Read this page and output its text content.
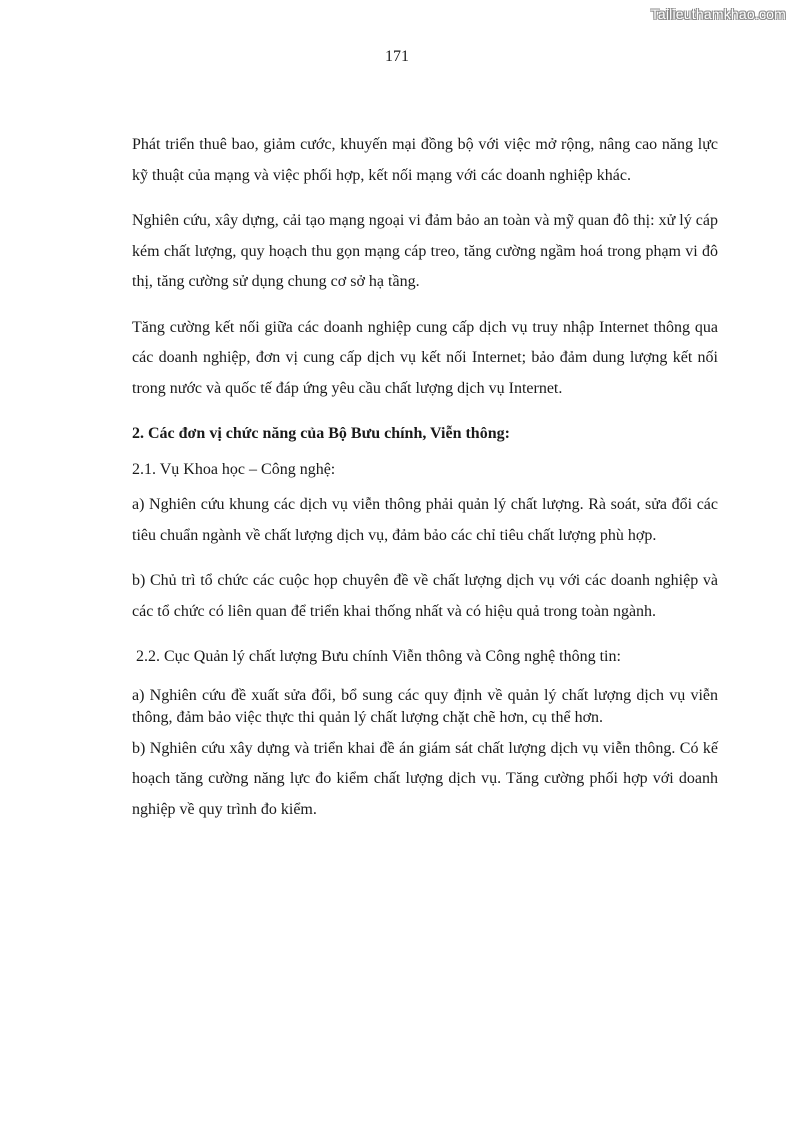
Tailieuthamkhao.com
171

Phát triển thuê bao, giảm cước, khuyến mại đồng bộ với việc mở rộng, nâng cao năng lực kỹ thuật của mạng và việc phối hợp, kết nối mạng với các doanh nghiệp khác.

Nghiên cứu, xây dựng, cải tạo mạng ngoại vi đảm bảo an toàn và mỹ quan đô thị: xử lý cáp kém chất lượng, quy hoạch thu gọn mạng cáp treo, tăng cường ngầm hoá trong phạm vi đô thị, tăng cường sử dụng chung cơ sở hạ tầng.

Tăng cường kết nối giữa các doanh nghiệp cung cấp dịch vụ truy nhập Internet thông qua các doanh nghiệp, đơn vị cung cấp dịch vụ kết nối Internet; bảo đảm dung lượng kết nối trong nước và quốc tế đáp ứng yêu cầu chất lượng dịch vụ Internet.

2. Các đơn vị chức năng của Bộ Bưu chính, Viễn thông:

2.1. Vụ Khoa học – Công nghệ:

a) Nghiên cứu khung các dịch vụ viễn thông phải quản lý chất lượng. Rà soát, sửa đổi các tiêu chuẩn ngành về chất lượng dịch vụ, đảm bảo các chỉ tiêu chất lượng phù hợp.

b) Chủ trì tổ chức các cuộc họp chuyên đề về chất lượng dịch vụ với các doanh nghiệp và các tổ chức có liên quan để triển khai thống nhất và có hiệu quả trong toàn ngành.

2.2. Cục Quản lý chất lượng Bưu chính Viễn thông và Công nghệ thông tin:

a) Nghiên cứu đề xuất sửa đổi, bổ sung các quy định về quản lý chất lượng dịch vụ viễn thông, đảm bảo việc thực thi quản lý chất lượng chặt chẽ hơn, cụ thể hơn.

b) Nghiên cứu xây dựng và triển khai đề án giám sát chất lượng dịch vụ viễn thông. Có kế hoạch tăng cường năng lực đo kiểm chất lượng dịch vụ. Tăng cường phối hợp với doanh nghiệp về quy trình đo kiểm.
